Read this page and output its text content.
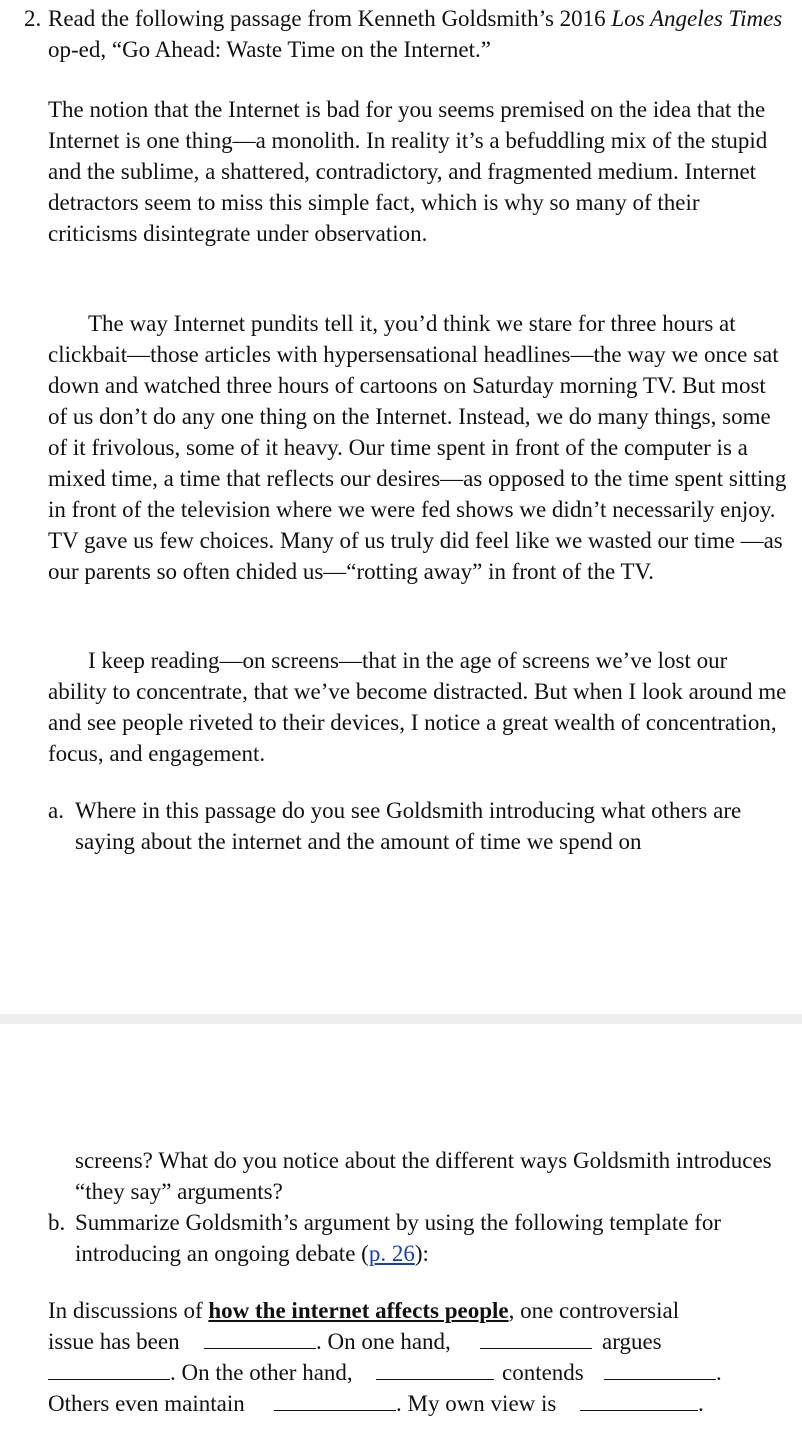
2. Read the following passage from Kenneth Goldsmith’s 2016 Los Angeles Times op-ed, “Go Ahead: Waste Time on the Internet.”

The notion that the Internet is bad for you seems premised on the idea that the Internet is one thing—a monolith. In reality it’s a befuddling mix of the stupid and the sublime, a shattered, contradictory, and fragmented medium. Internet detractors seem to miss this simple fact, which is why so many of their criticisms disintegrate under observation.

The way Internet pundits tell it, you’d think we stare for three hours at clickbait—those articles with hypersensational headlines—the way we once sat down and watched three hours of cartoons on Saturday morning TV. But most of us don’t do any one thing on the Internet. Instead, we do many things, some of it frivolous, some of it heavy. Our time spent in front of the computer is a mixed time, a time that reflects our desires—as opposed to the time spent sitting in front of the television where we were fed shows we didn’t necessarily enjoy. TV gave us few choices. Many of us truly did feel like we wasted our time —as our parents so often chided us—“rotting away” in front of the TV.

I keep reading—on screens—that in the age of screens we’ve lost our ability to concentrate, that we’ve become distracted. But when I look around me and see people riveted to their devices, I notice a great wealth of concentration, focus, and engagement.

a. Where in this passage do you see Goldsmith introducing what others are saying about the internet and the amount of time we spend on
screens? What do you notice about the different ways Goldsmith introduces “they say” arguments?
b. Summarize Goldsmith’s argument by using the following template for introducing an ongoing debate (p. 26):
In discussions of how the internet affects people, one controversial
issue has been	. On one hand,	argues
. On the other hand,	contends	.
Others even maintain	. My own view is	.
